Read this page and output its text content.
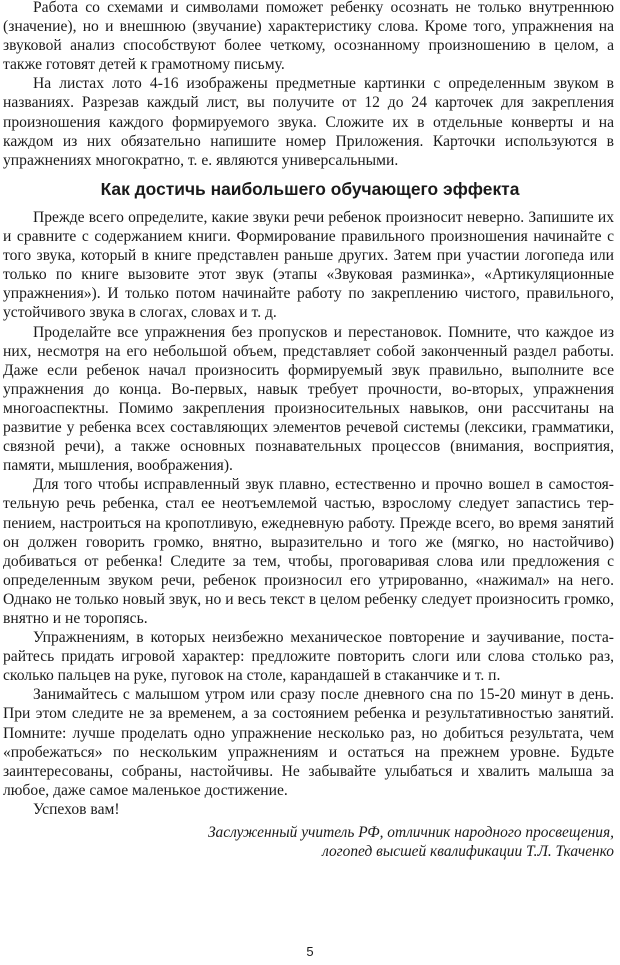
Работа со схемами и символами поможет ребенку осознать не только внутреннюю (значение), но и внешнюю (звучание) характеристику слова. Кроме того, упражнения на звуковой анализ способствуют более четкому, осознанному произношению в целом, а также готовят детей к грамотному письму.

На листах лото 4-16 изображены предметные картинки с определенным звуком в названиях. Разрезав каждый лист, вы получите от 12 до 24 карточек для закрепления произношения каждого формируемого звука. Сложите их в отдельные конверты и на каждом из них обязательно напишите номер Приложения. Карточки используются в упражнениях многократно, т. е. являются универсальными.

Как достичь наибольшего обучающего эффекта

Прежде всего определите, какие звуки речи ребенок произносит неверно. Запишите их и сравните с содержанием книги. Формирование правильного произношения начинайте с того звука, который в книге представлен раньше других. Затем при участии логопеда или только по книге вызовите этот звук (этапы «Звуковая разминка», «Артикуляционные упражнения»). И только потом начинайте работу по закреплению чистого, правильного, устойчивого звука в слогах, словах и т. д.

Проделайте все упражнения без пропусков и перестановок. Помните, что каждое из них, несмотря на его небольшой объем, представляет собой законченный раздел работы. Даже если ребенок начал произносить формируемый звук правильно, выполните все упражнения до конца. Во-первых, навык требует прочности, во-вторых, упражнения многоаспектны. Помимо закрепления произносительных навыков, они рассчитаны на развитие у ребенка всех составляющих элементов речевой системы (лексики, грамматики, связной речи), а также основных познавательных процессов (внимания, восприятия, памяти, мышления, воображения).

Для того чтобы исправленный звук плавно, естественно и прочно вошел в самостоятельную речь ребенка, стал ее неотъемлемой частью, взрослому следует запастись терпением, настроиться на кропотливую, ежедневную работу. Прежде всего, во время занятий он должен говорить громко, внятно, выразительно и того же (мягко, но настойчиво) добиваться от ребенка! Следите за тем, чтобы, проговаривая слова или предложения с определенным звуком речи, ребенок произносил его утрированно, «нажимал» на него. Однако не только новый звук, но и весь текст в целом ребенку следует произносить громко, внятно и не торопясь.

Упражнениям, в которых неизбежно механическое повторение и заучивание, постарайтесь придать игровой характер: предложите повторить слоги или слова столько раз, сколько пальцев на руке, пуговок на столе, карандашей в стаканчике и т. п.

Занимайтесь с малышом утром или сразу после дневного сна по 15-20 минут в день. При этом следите не за временем, а за состоянием ребенка и результативностью занятий. Помните: лучше проделать одно упражнение несколько раз, но добиться результата, чем «пробежаться» по нескольким упражнениям и остаться на прежнем уровне. Будьте заинтересованы, собраны, настойчивы. Не забывайте улыбаться и хвалить малыша за любое, даже самое маленькое достижение.

Успехов вам!

Заслуженный учитель РФ, отличник народного просвещения,
логопед высшей квалификации Т.Л. Ткаченко
5
